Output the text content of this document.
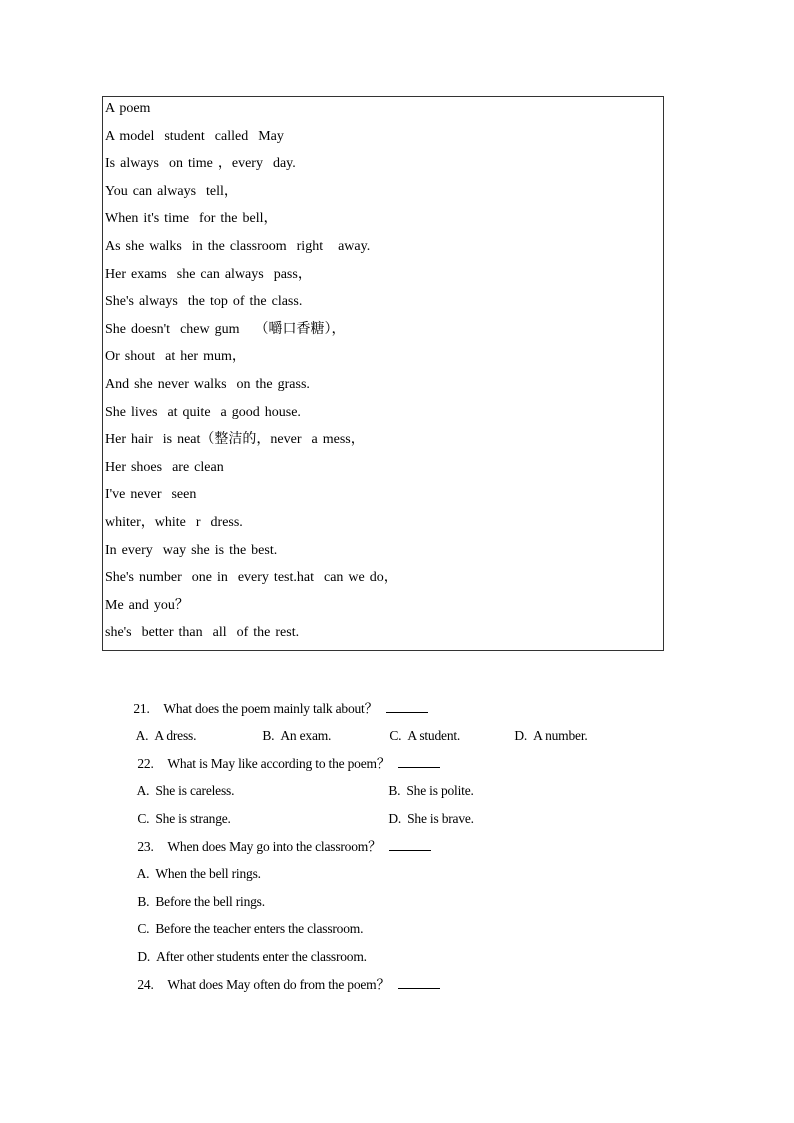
A poem
A model  student  called  May
Is always  on time ，every  day.
You can always  tell，
When it's time  for the bell，
As she walks  in the classroom  right   away.
Her exams  she can always  pass，
She's always  the top of the class.
She doesn't  chew gum   （嚼口香糖），
Or shout  at her mum，
And she never walks  on the grass.
She lives  at quite  a good house.
Her hair  is neat（整洁的，never  a mess，
Her shoes  are clean
I've never  seen
whiter，white  r  dress.
In every  way she is the best.
She's number  one in  every test.hat  can we do，
Me and you？
she's  better than  all  of the rest.

21. What does the poem mainly talk about？

A. A dress.	B. An exam.	C. A student.	D. A number.

22. What is May like according to the poem？

A. She is careless.	B. She is polite.

C. She is strange.	D. She is brave.

23. When does May go into the classroom？

A. When the bell rings.

B. Before the bell rings.

C. Before the teacher enters the classroom.

D. After other students enter the classroom.

24. What does May often do from the poem？
